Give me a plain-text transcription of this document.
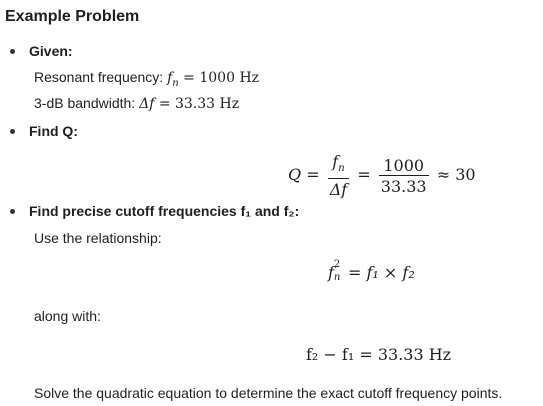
Example Problem
Given:
Resonant frequency: $f_n = 1000$ Hz
3-dB bandwidth: Δf = 33.33 Hz
Find Q:
$Q = \frac{f_n}{\Delta f} = \frac{1000}{33.33} \approx 30$
Find precise cutoff frequencies f₁ and f₂:
Use the relationship:
f 2
n = f₁ × f₂
along with:
f₂ − f₁ = 33.33 Hz
Solve the quadratic equation to determine the exact cutoff frequency points.
